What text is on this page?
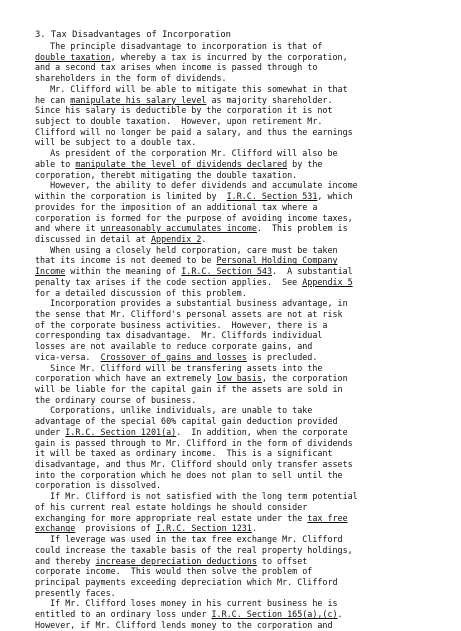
3. Tax Disadvantages of Incorporation
The principle disadvantage to incorporation is that of
double taxation, whereby a tax is incurred by the corporation,
and a second tax arises when income is passed through to
shareholders in the form of dividends.
Mr. Clifford will be able to mitigate this somewhat in that
he can manipulate his salary level as majority shareholder.
Since his salary is deductible by the corporation it is not
subject to double taxation.  However, upon retirement Mr.
Clifford will no longer be paid a salary, and thus the earnings
will be subject to a double tax.
As president of the corporation Mr. Clifford will also be
able to manipulate the level of dividends declared by the
corporation, therebt mitigating the double taxation.
However, the ability to defer dividends and accumulate income
within the corporation is limited by  I.R.C. Section 531, which
provides for the imposition of an additional tax where a
corporation is formed for the purpose of avoiding income taxes,
and where it unreasonably accumulates income.  This problem is
discussed in detail at Appendix 2.
When using a closely held corporation, care must be taken
that its income is not deemed to be Personal Holding Company
Income within the meaning of I.R.C. Section 543.  A substantial
penalty tax arises if the code section applies.  See Appendix 5
for a detailed discussion of this problem.
Incorporation provides a substantial business advantage, in
the sense that Mr. Clifford's personal assets are not at risk
of the corporate business activities.  However, there is a
corresponding tax disadvantage.  Mr. Cliffords individual
losses are not available to reduce corporate gains, and
vica-versa.  Crossover of gains and losses is precluded.
Since Mr. Clifford will be transfering assets into the
corporation which have an extremely low basis, the corporation
will be liable for the capital gain if the assets are sold in
the ordinary course of business.
Corporations, unlike individuals, are unable to take
advantage of the special 60% capital gain deduction provided
under I.R.C. Section 1201(a).  In addition, when the corporate
gain is passed through to Mr. Clifford in the form of dividends
it will be taxed as ordinary income.  This is a significant
disadvantage, and thus Mr. Clifford should only transfer assets
into the corporation which he does not plan to sell until the
corporation is dissolved.
If Mr. Clifford is not satisfied with the long term potential
of his current real estate holdings he should consider
exchanging for more appropriate real estate under the tax free
exchange  provisions of I.R.C. Section 1231.
If leverage was used in the tax free exchange Mr. Clifford
could increase the taxable basis of the real property holdings,
and thereby increase depreciation deductions to offset
corporate income.  This would then solve the problem of
principal payments exceeding depreciation which Mr. Clifford
presently faces.
If Mr. Clifford loses money in his current business he is
entitled to an ordinary loss under I.R.C. Section 165(a),(c).
However, if Mr. Clifford lends money to the corporation and
